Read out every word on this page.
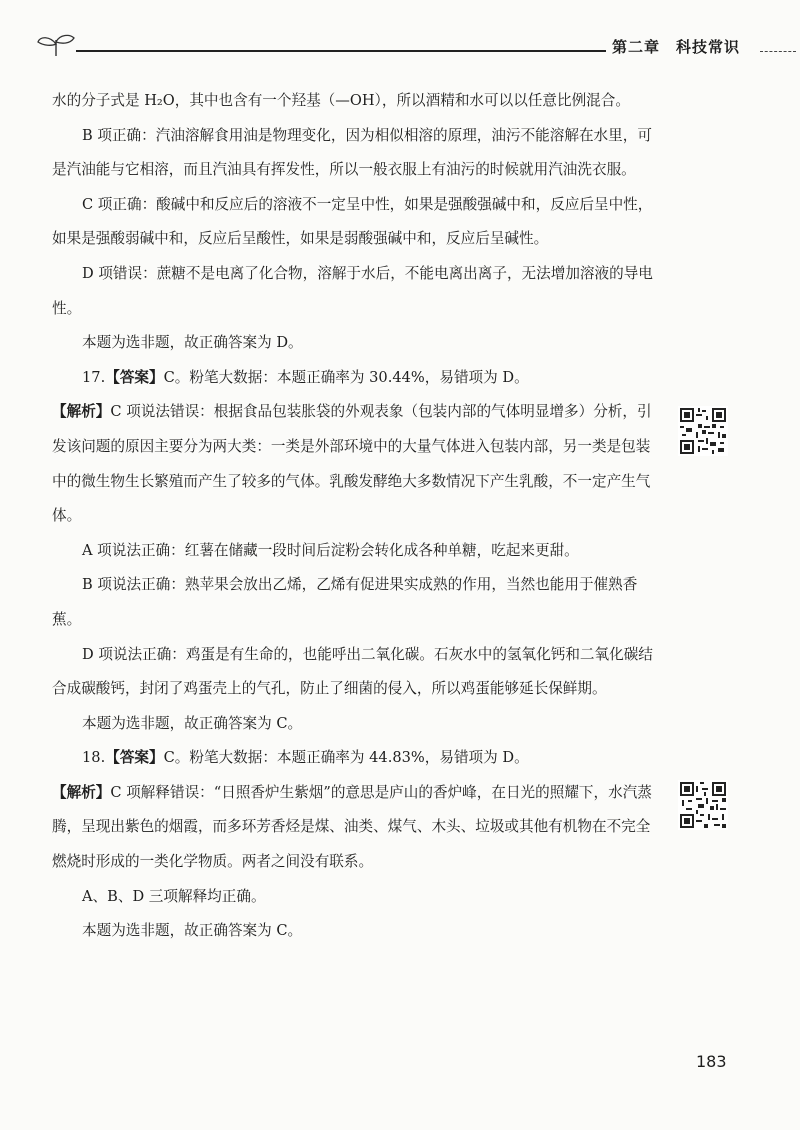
第二章　科技常识

水的分子式是 H₂O，其中也含有一个羟基（—OH），所以酒精和水可以以任意比例混合。

B 项正确：汽油溶解食用油是物理变化，因为相似相溶的原理，油污不能溶解在水里，可是汽油能与它相溶，而且汽油具有挥发性，所以一般衣服上有油污的时候就用汽油洗衣服。

C 项正确：酸碱中和反应后的溶液不一定呈中性，如果是强酸强碱中和，反应后呈中性，如果是强酸弱碱中和，反应后呈酸性，如果是弱酸强碱中和，反应后呈碱性。

D 项错误：蔗糖不是电离了化合物，溶解于水后，不能电离出离子，无法增加溶液的导电性。

本题为选非题，故正确答案为 D。

17.【答案】C。粉笔大数据：本题正确率为 30.44%，易错项为 D。

【解析】C 项说法错误：根据食品包装胀袋的外观表象（包装内部的气体明显增多）分析，引发该问题的原因主要分为两大类：一类是外部环境中的大量气体进入包装内部，另一类是包装中的微生物生长繁殖而产生了较多的气体。乳酸发酵绝大多数情况下产生乳酸，不一定产生气体。

A 项说法正确：红薯在储藏一段时间后淀粉会转化成各种单糖，吃起来更甜。

B 项说法正确：熟苹果会放出乙烯，乙烯有促进果实成熟的作用，当然也能用于催熟香蕉。

D 项说法正确：鸡蛋是有生命的，也能呼出二氧化碳。石灰水中的氢氧化钙和二氧化碳结合成碳酸钙，封闭了鸡蛋壳上的气孔，防止了细菌的侵入，所以鸡蛋能够延长保鲜期。

本题为选非题，故正确答案为 C。

18.【答案】C。粉笔大数据：本题正确率为 44.83%，易错项为 D。

【解析】C 项解释错误：“日照香炉生紫烟”的意思是庐山的香炉峰，在日光的照耀下，水汽蒸腾，呈现出紫色的烟霞，而多环芳香烃是煤、油类、煤气、木头、垃圾或其他有机物在不完全燃烧时形成的一类化学物质。两者之间没有联系。

A、B、D 三项解释均正确。

本题为选非题，故正确答案为 C。

183
